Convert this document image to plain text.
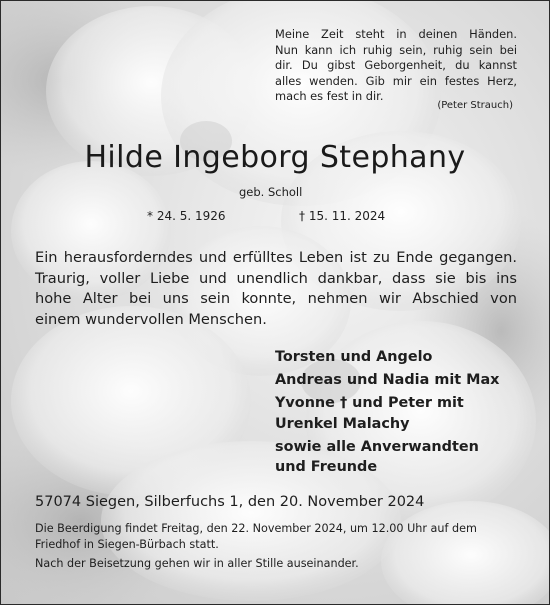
Meine Zeit steht in deinen Händen.
Nun kann ich ruhig sein, ruhig sein bei
dir. Du gibst Geborgenheit, du kannst
alles wenden. Gib mir ein festes Herz,
mach es fest in dir.
(Peter Strauch)
Hilde Ingeborg Stephany
geb. Scholl
* 24. 5. 1926	† 15. 11. 2024
Ein herausforderndes und erfülltes Leben ist zu Ende gegangen.
Traurig, voller Liebe und unendlich dankbar, dass sie bis ins
hohe Alter bei uns sein konnte, nehmen wir Abschied von
einem wundervollen Menschen.
Torsten und Angelo
Andreas und Nadia mit Max
Yvonne † und Peter mit
Urenkel Malachy
sowie alle Anverwandten
und Freunde
57074 Siegen, Silberfuchs 1, den 20. November 2024
Die Beerdigung findet Freitag, den 22. November 2024, um 12.00 Uhr auf dem
Friedhof in Siegen-Bürbach statt.
Nach der Beisetzung gehen wir in aller Stille auseinander.
